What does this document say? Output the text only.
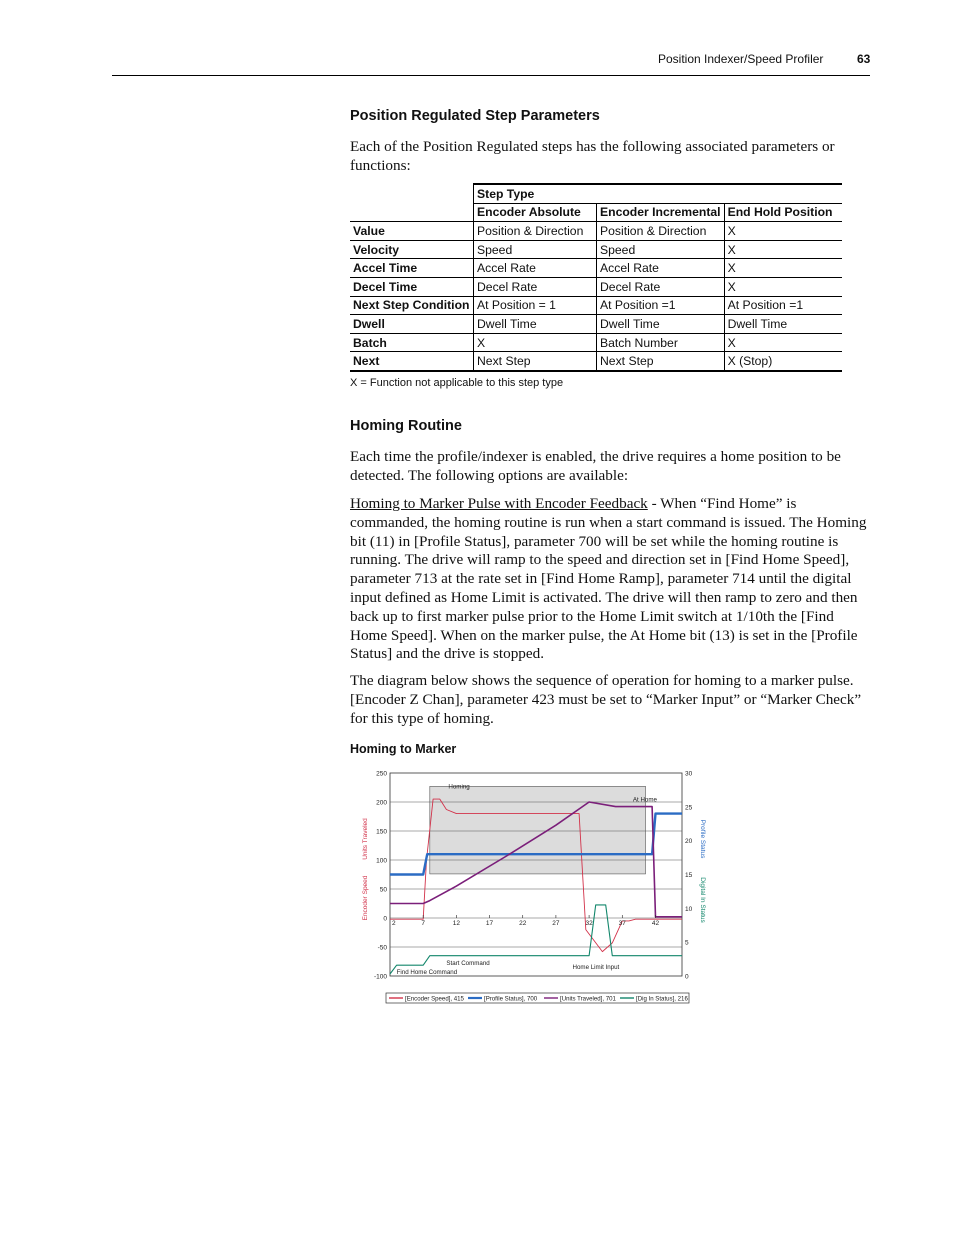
Position Indexer/Speed Profiler	63
Position Regulated Step Parameters

Each of the Position Regulated steps has the following associated parameters or functions:

	Step Type		
	Encoder Absolute	Encoder Incremental	End Hold Position
Value	Position & Direction	Position & Direction	X
Velocity	Speed	Speed	X
Accel Time	Accel Rate	Accel Rate	X
Decel Time	Decel Rate	Decel Rate	X
Next Step Condition	At Position = 1	At Position =1	At Position =1
Dwell	Dwell Time	Dwell Time	Dwell Time
Batch	X	Batch Number	X
Next	Next Step	Next Step	X (Stop)
X = Function not applicable to this step type
Homing Routine

Each time the profile/indexer is enabled, the drive requires a home position to be detected. The following options are available:

Homing to Marker Pulse with Encoder Feedback - When “Find Home” is commanded, the homing routine is run when a start command is issued. The Homing bit (11) in [Profile Status], parameter 700 will be set while the homing routine is running. The drive will ramp to the speed and direction set in [Find Home Speed], parameter 713 at the rate set in [Find Home Ramp], parameter 714 until the digital input defined as Home Limit is activated. The drive will then ramp to zero and then back up to first marker pulse prior to the Home Limit switch at 1/10th the [Find Home Speed]. When on the marker pulse, the At Home bit (13) is set in the [Profile Status] and the drive is stopped.

The diagram below shows the sequence of operation for homing to a marker pulse. [Encoder Z Chan], parameter 423 must be set to “Marker Input” or “Marker Check” for this type of homing.

Homing to Marker
2	7	12	17	22	27	32	37	42
250
200
150
100
50
0
-50
-100
30
25
20
15
10
5
0
Encoder Speed
Units Traveled	Profile Status
Digital In Status
Homing
At Home
Start Command
Find Home Command
Home Limit Input
[Encoder Speed], 415	[Profile Status], 700	[Units Traveled], 701	[Dig In Status], 216
